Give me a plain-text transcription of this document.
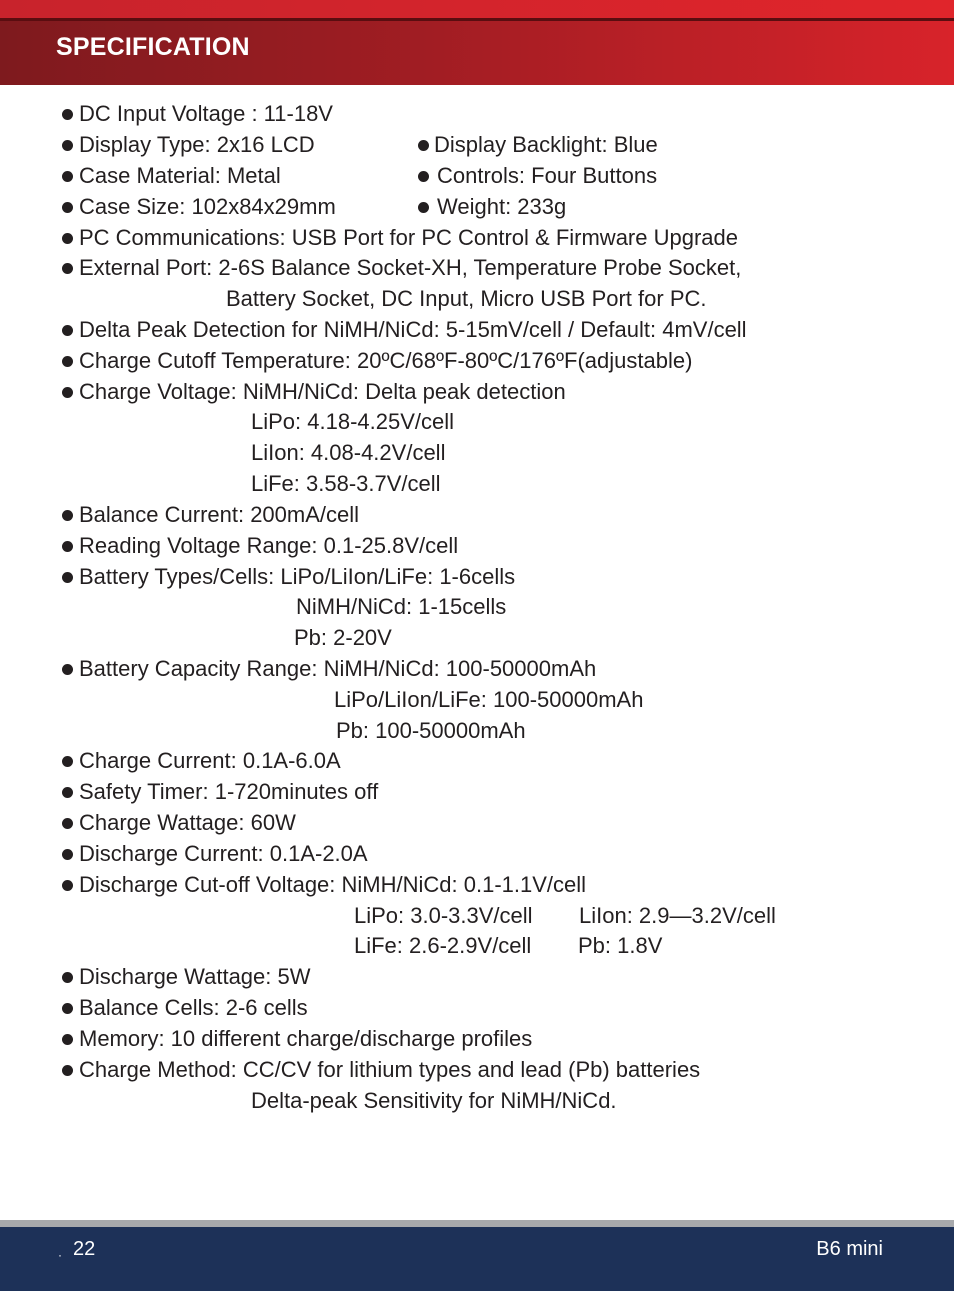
SPECIFICATION
DC Input Voltage : 11-18V
Display Type: 2x16 LCD	Display Backlight: Blue
Case Material: Metal	Controls: Four Buttons
Case Size: 102x84x29mm	Weight: 233g
PC Communications: USB Port for PC Control & Firmware Upgrade
External Port: 2-6S Balance Socket-XH, Temperature Probe Socket,
Battery Socket, DC Input, Micro USB Port for PC.
Delta Peak Detection for NiMH/NiCd: 5-15mV/cell / Default: 4mV/cell
Charge Cutoff Temperature: 20ºC/68ºF-80ºC/176ºF(adjustable)
Charge Voltage: NiMH/NiCd: Delta peak detection
LiPo: 4.18-4.25V/cell
LiIon: 4.08-4.2V/cell
LiFe: 3.58-3.7V/cell
Balance Current: 200mA/cell
Reading Voltage Range: 0.1-25.8V/cell
Battery Types/Cells: LiPo/LiIon/LiFe: 1-6cells
NiMH/NiCd: 1-15cells
Pb: 2-20V
Battery Capacity Range: NiMH/NiCd: 100-50000mAh
LiPo/LiIon/LiFe: 100-50000mAh
Pb: 100-50000mAh
Charge Current: 0.1A-6.0A
Safety Timer: 1-720minutes off
Charge Wattage: 60W
Discharge Current: 0.1A-2.0A
Discharge Cut-off Voltage: NiMH/NiCd: 0.1-1.1V/cell
LiPo: 3.0-3.3V/cell LiIon: 2.9—3.2V/cell
LiFe: 2.6-2.9V/cell Pb: 1.8V
Discharge Wattage: 5W
Balance Cells: 2-6 cells
Memory: 10 different charge/discharge profiles
Charge Method: CC/CV for lithium types and lead (Pb) batteries
Delta-peak Sensitivity for NiMH/NiCd.
· 22	B6 mini
